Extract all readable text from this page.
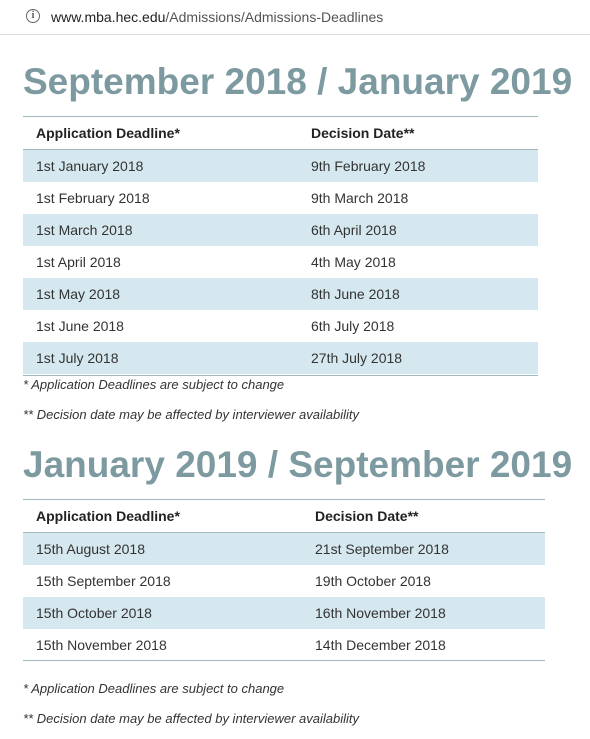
i	www.mba.hec.edu/Admissions/Admissions-Deadlines
September 2018 / January 2019
Application Deadline*	Decision Date**
1st January 2018	9th February 2018
1st February 2018	9th March 2018
1st March 2018	6th April 2018
1st April 2018	4th May 2018
1st May 2018	8th June 2018
1st June 2018	6th July 2018
1st July 2018	27th July 2018

* Application Deadlines are subject to change

** Decision date may be affected by interviewer availability

January 2019 / September 2019
Application Deadline*	Decision Date**
15th August 2018	21st September 2018
15th September 2018	19th October 2018
15th October 2018	16th November 2018
15th November 2018	14th December 2018

* Application Deadlines are subject to change

** Decision date may be affected by interviewer availability
